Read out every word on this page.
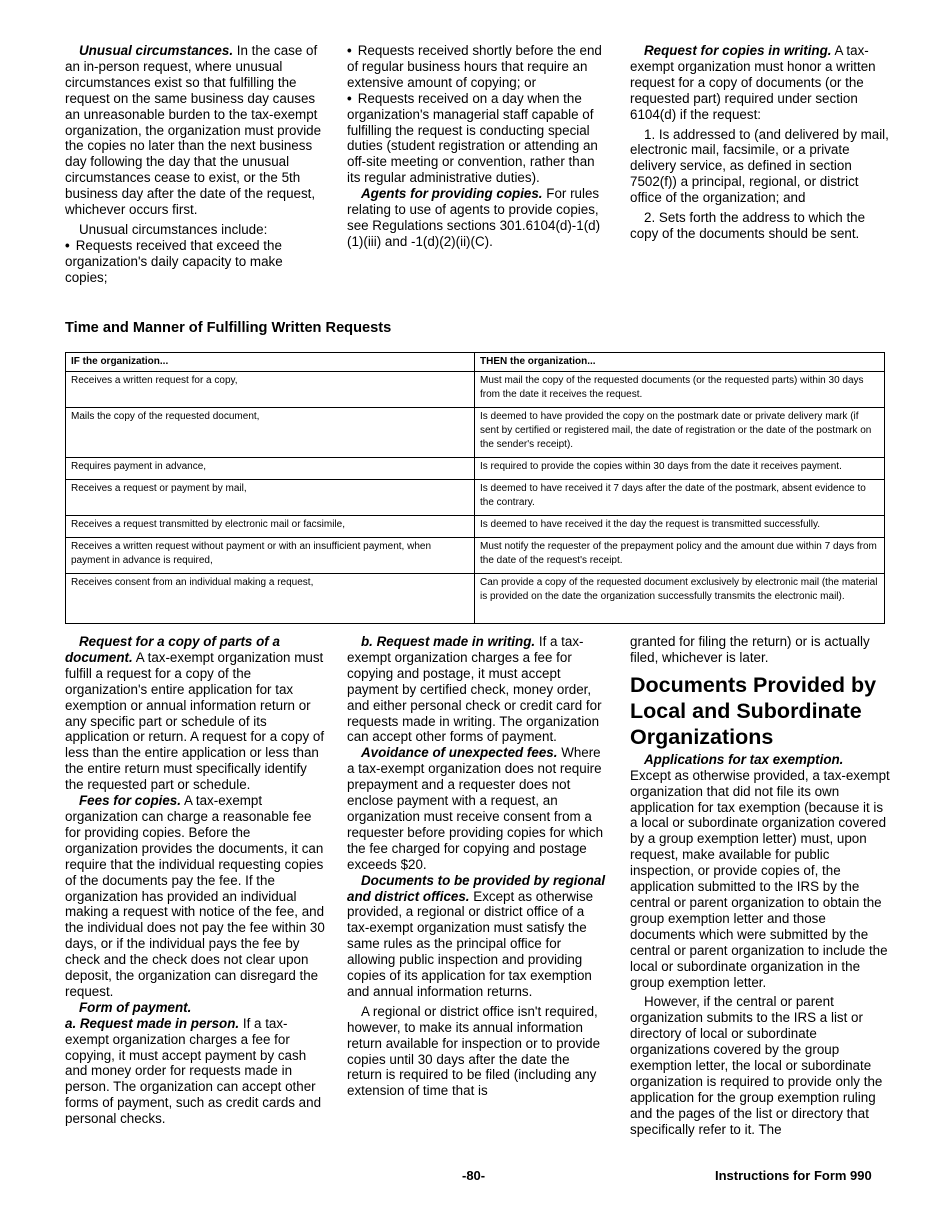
Unusual circumstances. In the case of an in-person request, where unusual circumstances exist so that fulfilling the request on the same business day causes an unreasonable burden to the tax-exempt organization, the organization must provide the copies no later than the next business day following the day that the unusual circumstances cease to exist, or the 5th business day after the date of the request, whichever occurs first.

Unusual circumstances include:

• Requests received that exceed the organization's daily capacity to make copies;

• Requests received shortly before the end of regular business hours that require an extensive amount of copying; or

• Requests received on a day when the organization's managerial staff capable of fulfilling the request is conducting special duties (student registration or attending an off-site meeting or convention, rather than its regular administrative duties).

Agents for providing copies. For rules relating to use of agents to provide copies, see Regulations sections 301.6104(d)-1(d)(1)(iii) and -1(d)(2)(ii)(C).

Request for copies in writing. A tax-exempt organization must honor a written request for a copy of documents (or the requested part) required under section 6104(d) if the request:

1. Is addressed to (and delivered by mail, electronic mail, facsimile, or a private delivery service, as defined in section 7502(f)) a principal, regional, or district office of the organization; and

2. Sets forth the address to which the copy of the documents should be sent.

Time and Manner of Fulfilling Written Requests
IF the organization...	THEN the organization...
Receives a written request for a copy,	Must mail the copy of the requested documents (or the requested parts) within 30 days from the date it receives the request.
Mails the copy of the requested document,	Is deemed to have provided the copy on the postmark date or private delivery mark (if sent by certified or registered mail, the date of registration or the date of the postmark on the sender's receipt).
Requires payment in advance,	Is required to provide the copies within 30 days from the date it receives payment.
Receives a request or payment by mail,	Is deemed to have received it 7 days after the date of the postmark, absent evidence to the contrary.
Receives a request transmitted by electronic mail or facsimile,	Is deemed to have received it the day the request is transmitted successfully.
Receives a written request without payment or with an insufficient payment, when payment in advance is required,	Must notify the requester of the prepayment policy and the amount due within 7 days from the date of the request's receipt.
Receives consent from an individual making a request,	Can provide a copy of the requested document exclusively by electronic mail (the material is provided on the date the organization successfully transmits the electronic mail).

Request for a copy of parts of a document. A tax-exempt organization must fulfill a request for a copy of the organization's entire application for tax exemption or annual information return or any specific part or schedule of its application or return. A request for a copy of less than the entire application or less than the entire return must specifically identify the requested part or schedule.

Fees for copies. A tax-exempt organization can charge a reasonable fee for providing copies. Before the organization provides the documents, it can require that the individual requesting copies of the documents pay the fee. If the organization has provided an individual making a request with notice of the fee, and the individual does not pay the fee within 30 days, or if the individual pays the fee by check and the check does not clear upon deposit, the organization can disregard the request.

Form of payment.

a. Request made in person. If a tax-exempt organization charges a fee for copying, it must accept payment by cash and money order for requests made in person. The organization can accept other forms of payment, such as credit cards and personal checks.

b. Request made in writing. If a tax-exempt organization charges a fee for copying and postage, it must accept payment by certified check, money order, and either personal check or credit card for requests made in writing. The organization can accept other forms of payment.

Avoidance of unexpected fees. Where a tax-exempt organization does not require prepayment and a requester does not enclose payment with a request, an organization must receive consent from a requester before providing copies for which the fee charged for copying and postage exceeds $20.

Documents to be provided by regional and district offices. Except as otherwise provided, a regional or district office of a tax-exempt organization must satisfy the same rules as the principal office for allowing public inspection and providing copies of its application for tax exemption and annual information returns.

A regional or district office isn't required, however, to make its annual information return available for inspection or to provide copies until 30 days after the date the return is required to be filed (including any extension of time that is

granted for filing the return) or is actually filed, whichever is later.

Documents Provided by Local and Subordinate Organizations

Applications for tax exemption.
Except as otherwise provided, a tax-exempt organization that did not file its own application for tax exemption (because it is a local or subordinate organization covered by a group exemption letter) must, upon request, make available for public inspection, or provide copies of, the application submitted to the IRS by the central or parent organization to obtain the group exemption letter and those documents which were submitted by the central or parent organization to include the local or subordinate organization in the group exemption letter.

However, if the central or parent organization submits to the IRS a list or directory of local or subordinate organizations covered by the group exemption letter, the local or subordinate organization is required to provide only the application for the group exemption ruling and the pages of the list or directory that specifically refer to it. The

-80-	Instructions for Form 990
